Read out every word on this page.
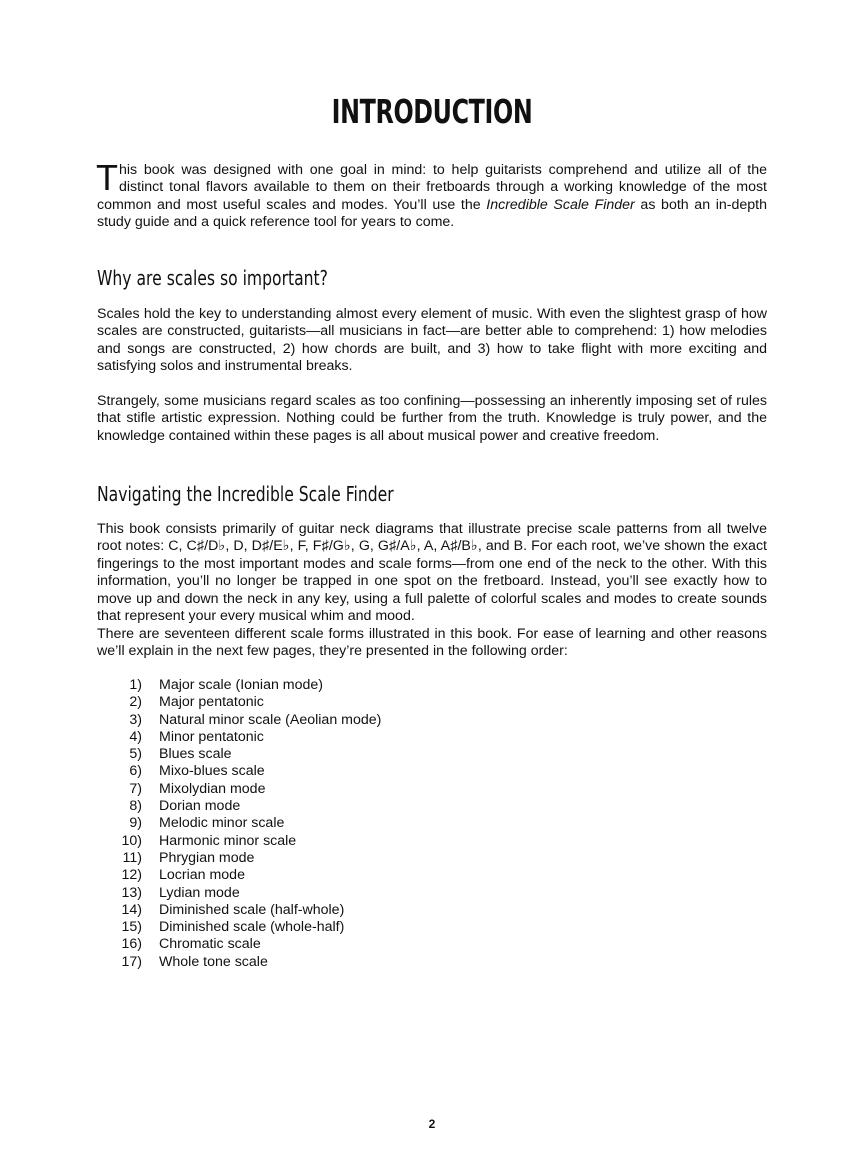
INTRODUCTION

This book was designed with one goal in mind: to help guitarists comprehend and utilize all of the distinct tonal flavors available to them on their fretboards through a working knowledge of the most common and most useful scales and modes. You’ll use the Incredible Scale Finder as both an in-depth study guide and a quick reference tool for years to come.

Why are scales so important?

Scales hold the key to understanding almost every element of music. With even the slightest grasp of how scales are constructed, guitarists—all musicians in fact—are better able to comprehend: 1) how melodies and songs are constructed, 2) how chords are built, and 3) how to take flight with more exciting and satisfying solos and instrumental breaks.

Strangely, some musicians regard scales as too confining—possessing an inherently imposing set of rules that stifle artistic expression. Nothing could be further from the truth. Knowledge is truly power, and the knowledge contained within these pages is all about musical power and creative freedom.

Navigating the Incredible Scale Finder

This book consists primarily of guitar neck diagrams that illustrate precise scale patterns from all twelve root notes: C, C♯/D♭, D, D♯/E♭, F, F♯/G♭, G, G♯/A♭, A, A♯/B♭, and B. For each root, we’ve shown the exact fingerings to the most important modes and scale forms—from one end of the neck to the other. With this information, you’ll no longer be trapped in one spot on the fretboard. Instead, you’ll see exactly how to move up and down the neck in any key, using a full palette of colorful scales and modes to create sounds that represent your every musical whim and mood.

There are seventeen different scale forms illustrated in this book. For ease of learning and other reasons we’ll explain in the next few pages, they’re presented in the following order:

1) Major scale (Ionian mode)
2) Major pentatonic
3) Natural minor scale (Aeolian mode)
4) Minor pentatonic
5) Blues scale
6) Mixo-blues scale
7) Mixolydian mode
8) Dorian mode
9) Melodic minor scale
10) Harmonic minor scale
11) Phrygian mode
12) Locrian mode
13) Lydian mode
14) Diminished scale (half-whole)
15) Diminished scale (whole-half)
16) Chromatic scale
17) Whole tone scale
2
